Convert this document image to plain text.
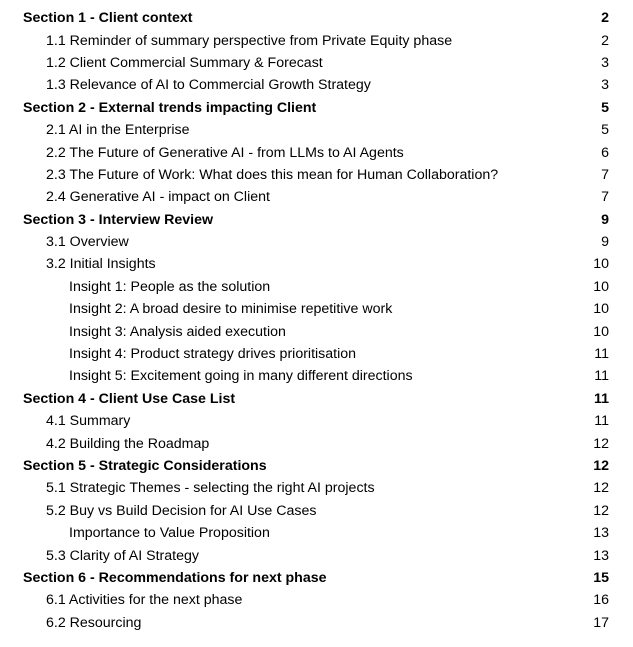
Section 1 - Client context	2
1.1 Reminder of summary perspective from Private Equity phase	2
1.2 Client Commercial Summary & Forecast	3
1.3 Relevance of AI to Commercial Growth Strategy	3
Section 2 - External trends impacting Client	5
2.1 AI in the Enterprise	5
2.2 The Future of Generative AI - from LLMs to AI Agents	6
2.3 The Future of Work: What does this mean for Human Collaboration?	7
2.4 Generative AI - impact on Client	7
Section 3 - Interview Review	9
3.1 Overview	9
3.2 Initial Insights	10
Insight 1: People as the solution	10
Insight 2: A broad desire to minimise repetitive work	10
Insight 3: Analysis aided execution	10
Insight 4: Product strategy drives prioritisation	11
Insight 5: Excitement going in many different directions	11
Section 4 - Client Use Case List	11
4.1 Summary	11
4.2 Building the Roadmap	12
Section 5 - Strategic Considerations	12
5.1 Strategic Themes - selecting the right AI projects	12
5.2 Buy vs Build Decision for AI Use Cases	12
Importance to Value Proposition	13
5.3 Clarity of AI Strategy	13
Section 6 - Recommendations for next phase	15
6.1 Activities for the next phase	16
6.2 Resourcing	17
